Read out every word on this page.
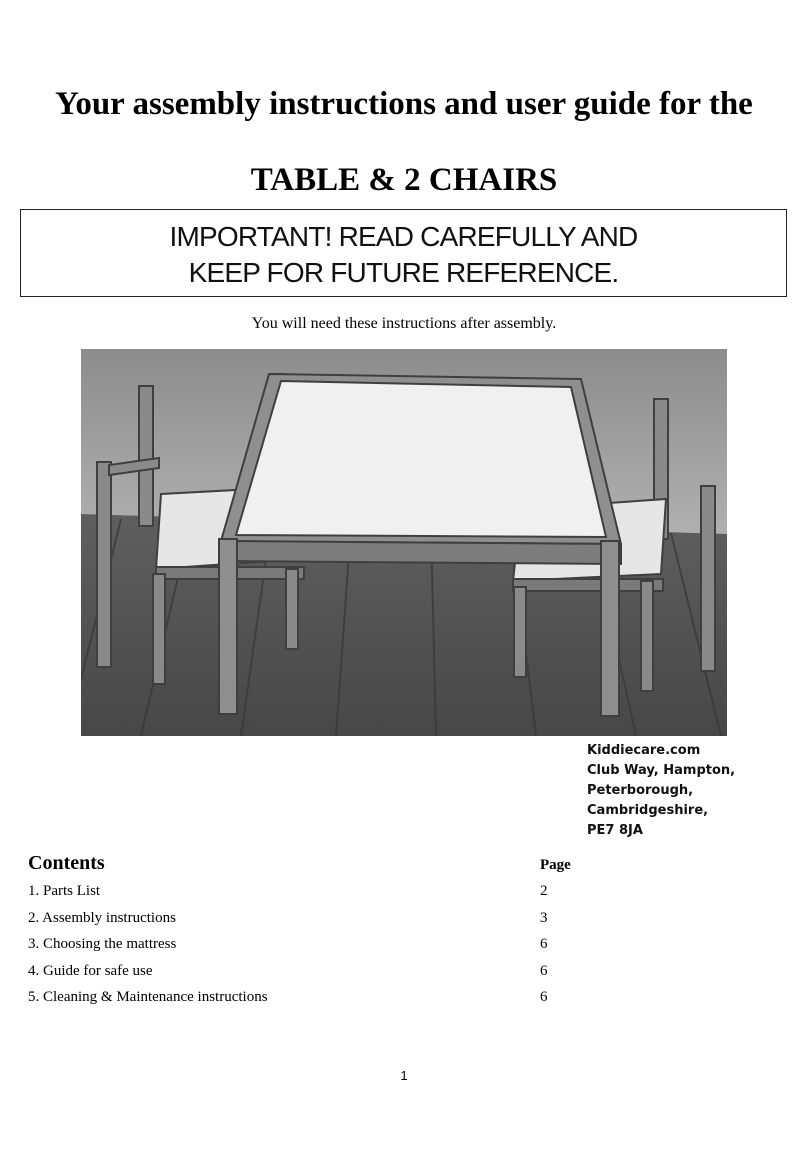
Your assembly instructions and user guide for the
TABLE & 2 CHAIRS
IMPORTANT! READ CAREFULLY AND
KEEP FOR FUTURE REFERENCE.
You will need these instructions after assembly.
Kiddiecare.com
Club Way, Hampton,
Peterborough,
Cambridgeshire,
PE7 8JA
Contents	Page
1. Parts List	2
2. Assembly instructions	3
3. Choosing the mattress	6
4. Guide for safe use	6
5. Cleaning & Maintenance instructions	6
1
